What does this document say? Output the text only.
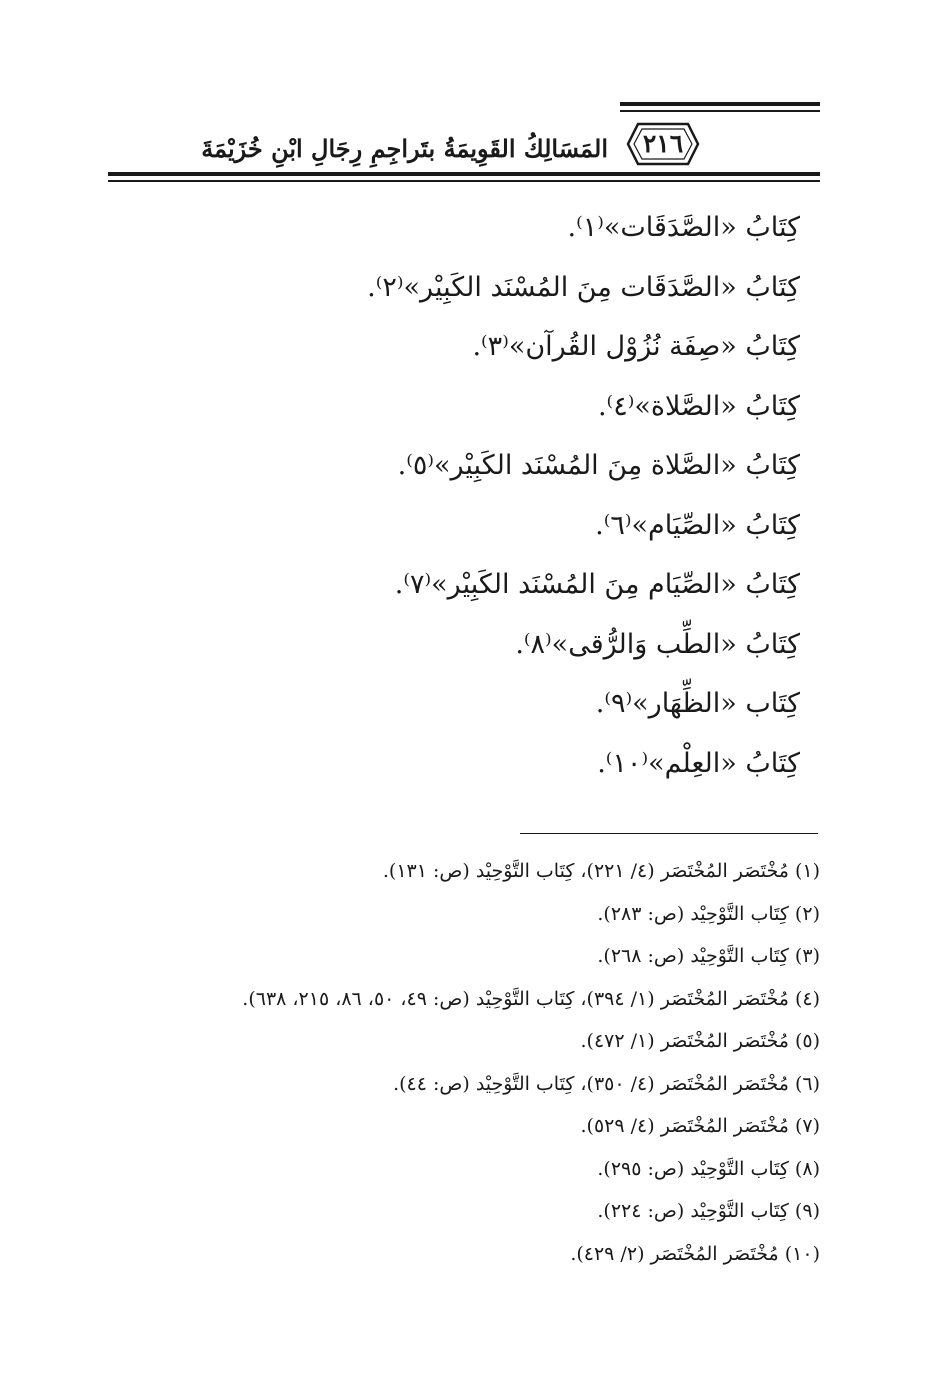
٢١٦
المَسَالِكُ القَوِيمَةُ بتَراجِمِ رِجَالِ ابْنِ خُزَيْمَةَ
كِتَابُ «الصَّدَقَات»⁽١⁾.
كِتَابُ «الصَّدَقَات مِنَ المُسْنَد الكَبِيْر»⁽٢⁾.
كِتَابُ «صِفَة نُزُوْل القُرآن»⁽٣⁾.
كِتَابُ «الصَّلاة»⁽٤⁾.
كِتَابُ «الصَّلاة مِنَ المُسْنَد الكَبِيْر»⁽٥⁾.
كِتَابُ «الصِّيَام»⁽٦⁾.
كِتَابُ «الصِّيَام مِنَ المُسْنَد الكَبِيْر»⁽٧⁾.
كِتَابُ «الطِّب وَالرُّقى»⁽٨⁾.
كِتَاب «الظِّهَار»⁽٩⁾.
كِتَابُ «العِلْم»⁽١٠⁾.
(١) مُخْتَصَر المُخْتَصَر (٤/ ٢٢١)، كِتَاب التَّوْحِيْد (ص: ١٣١).
(٢) كِتَاب التَّوْحِيْد (ص: ٢٨٣).
(٣) كِتَاب التَّوْحِيْد (ص: ٢٦٨).
(٤) مُخْتَصَر المُخْتَصَر (١/ ٣٩٤)، كِتَاب التَّوْحِيْد (ص: ٤٩، ٥٠، ٨٦، ٢١٥، ٦٣٨).
(٥) مُخْتَصَر المُخْتَصَر (١/ ٤٧٢).
(٦) مُخْتَصَر المُخْتَصَر (٤/ ٣٥٠)، كِتَاب التَّوْحِيْد (ص: ٤٤).
(٧) مُخْتَصَر المُخْتَصَر (٤/ ٥٢٩).
(٨) كِتَاب التَّوْحِيْد (ص: ٢٩٥).
(٩) كِتَاب التَّوْحِيْد (ص: ٢٢٤).
(١٠) مُخْتَصَر المُخْتَصَر (٢/ ٤٢٩).
